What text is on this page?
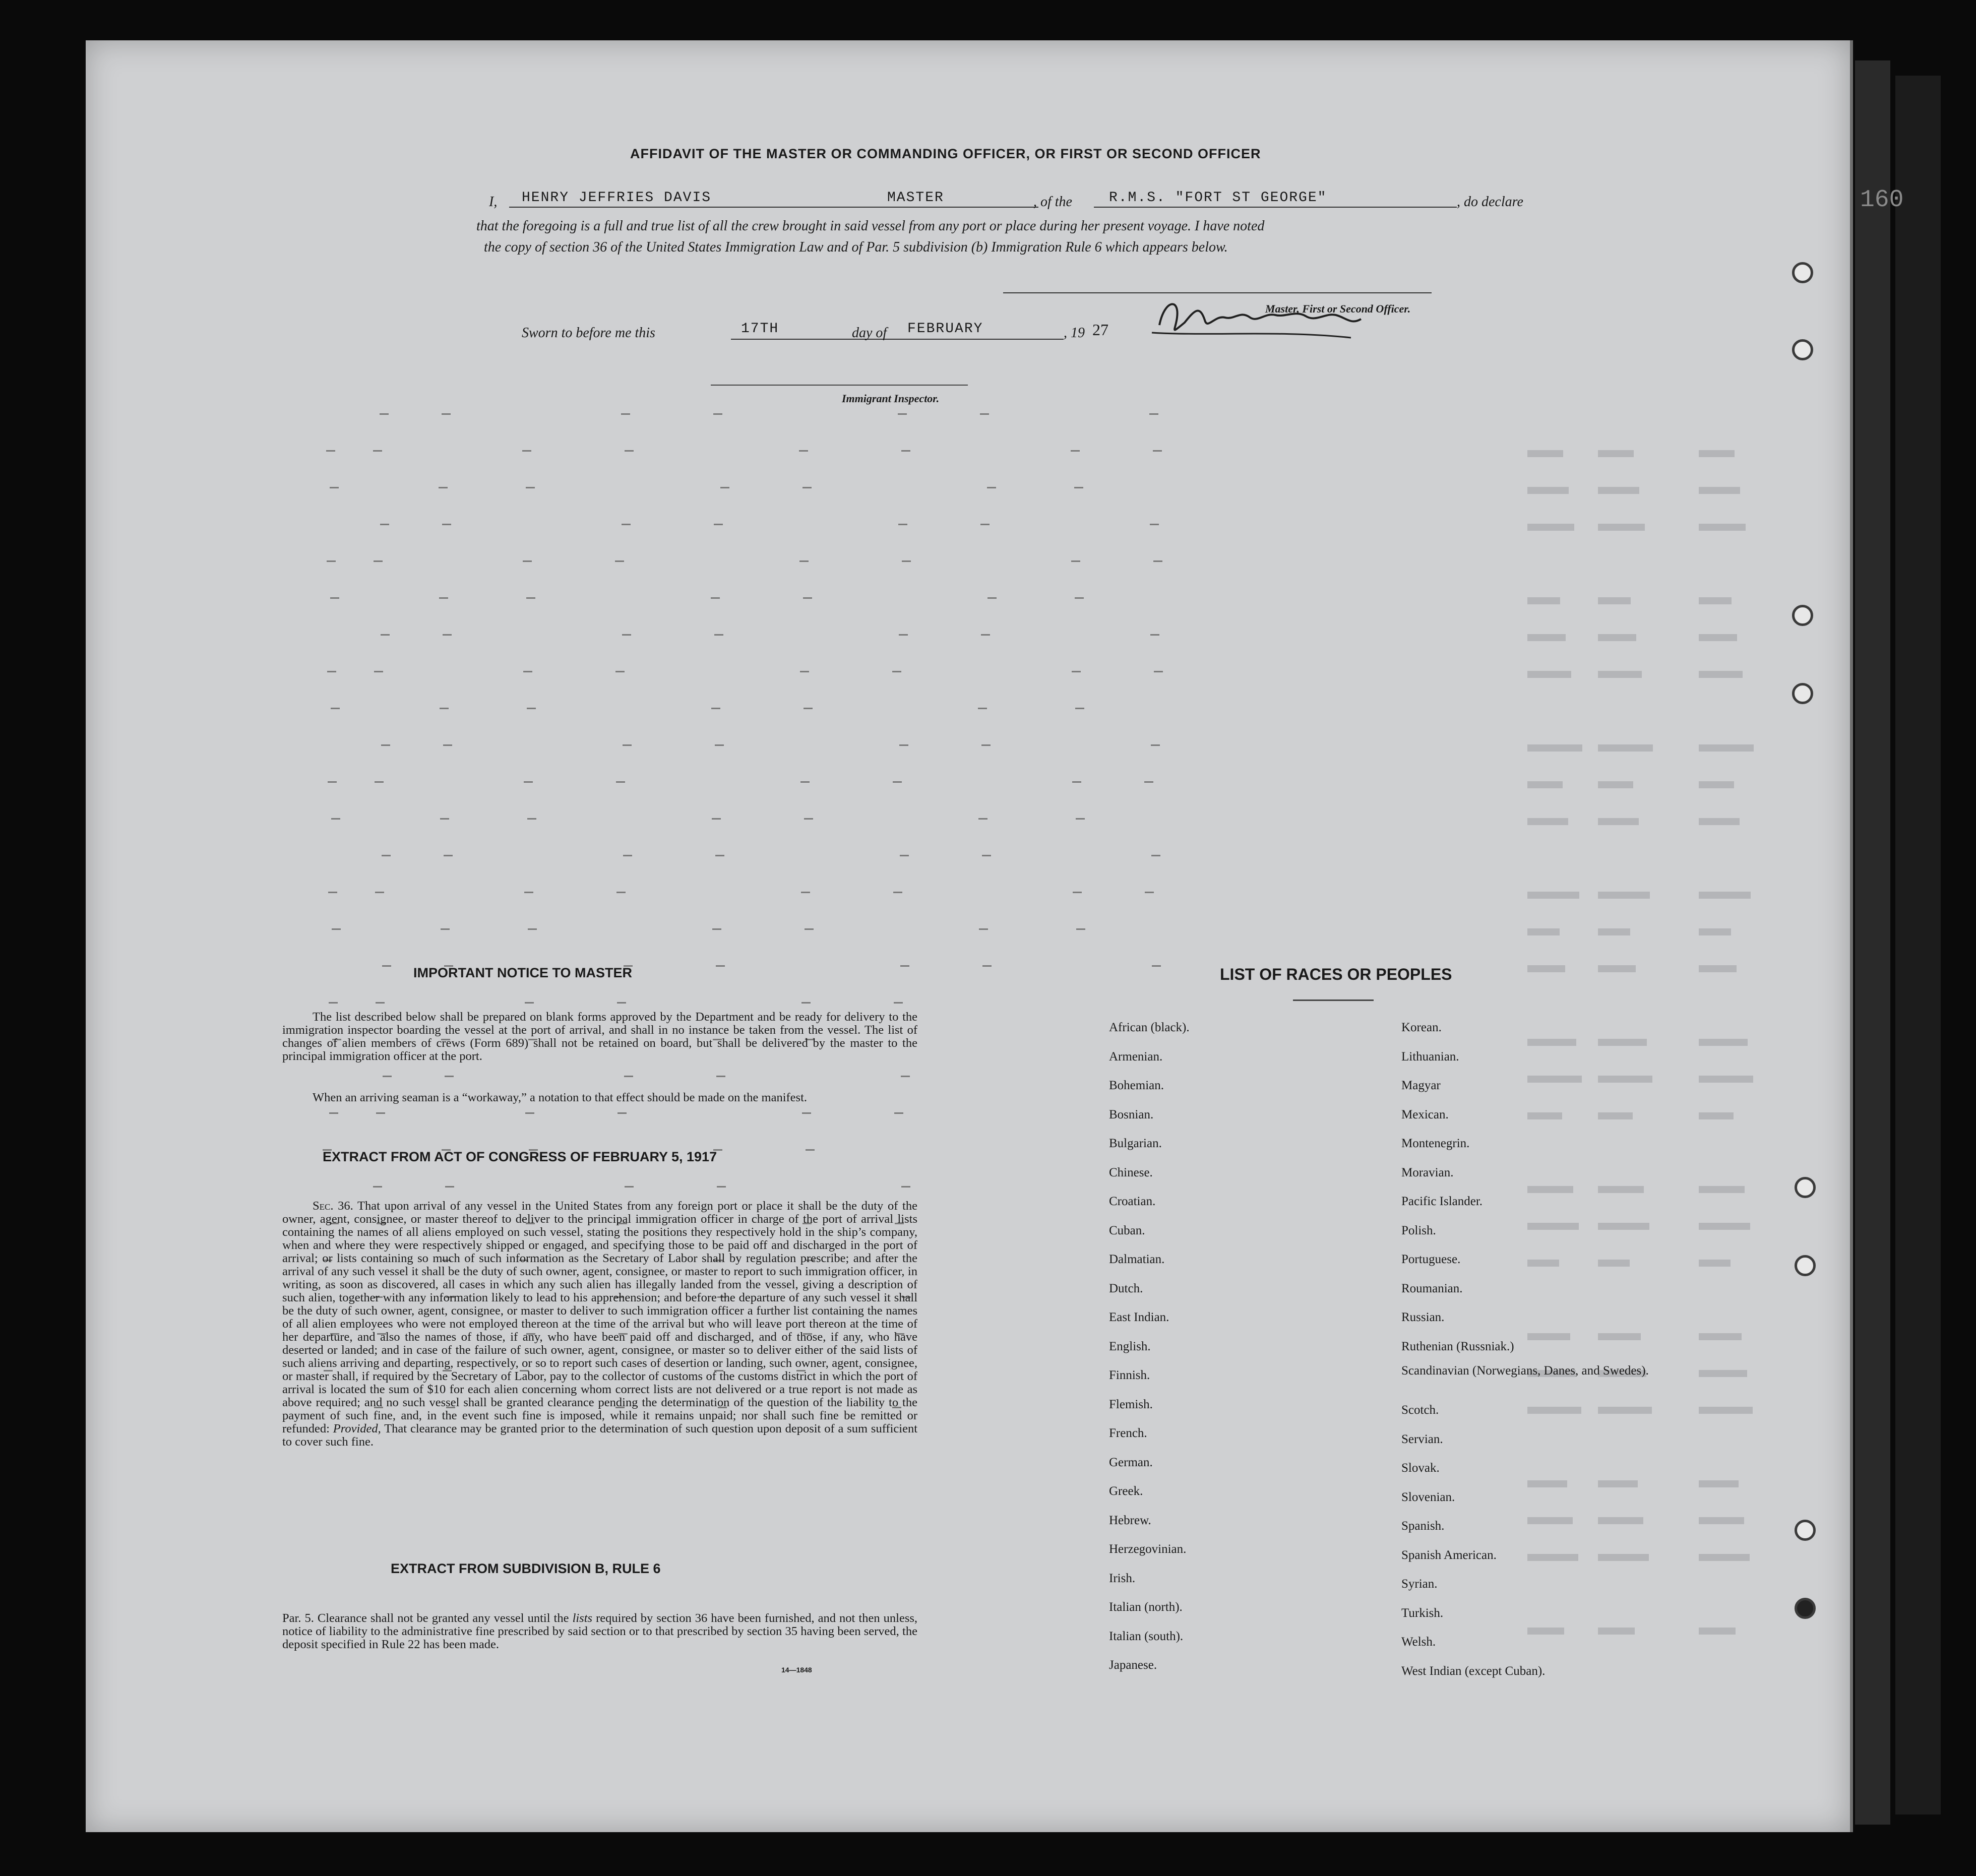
160
AFFIDAVIT OF THE MASTER OR COMMANDING OFFICER, OR FIRST OR SECOND OFFICER
I, HENRY JEFFRIES DAVIS	MASTER	, of the	R.M.S. "FORT ST GEORGE"	, do declare
that the foregoing is a full and true list of all the crew brought in said vessel from any port or place during her present voyage. I have noted
the copy of section 36 of the United States Immigration Law and of Par. 5 subdivision (b) Immigration Rule 6 which appears below.
Master, First or Second Officer.
Sworn to before me this	17TH	day of FEBRUARY	, 19 27
Immigrant Inspector.
IMPORTANT NOTICE TO MASTER
The list described below shall be prepared on blank forms approved by the Department and be ready for delivery to the immigration inspector boarding the vessel at the port of arrival, and shall in no instance be taken from the vessel. The list of changes of alien members of crews (Form 689) shall not be retained on board, but shall be delivered by the master to the principal immigration officer at the port.
When an arriving seaman is a “workaway,” a notation to that effect should be made on the manifest.
EXTRACT FROM ACT OF CONGRESS OF FEBRUARY 5, 1917
Sec. 36. That upon arrival of any vessel in the United States from any foreign port or place it shall be the duty of the owner, agent, consignee, or master thereof to deliver to the principal immigration officer in charge of the port of arrival lists containing the names of all aliens employed on such vessel, stating the positions they respectively hold in the ship’s company, when and where they were respectively shipped or engaged, and specifying those to be paid off and discharged in the port of arrival; or lists containing so much of such information as the Secretary of Labor shall by regulation prescribe; and after the arrival of any such vessel it shall be the duty of such owner, agent, consignee, or master to report to such immigration officer, in writing, as soon as discovered, all cases in which any such alien has illegally landed from the vessel, giving a description of such alien, together with any information likely to lead to his apprehension; and before the departure of any such vessel it shall be the duty of such owner, agent, consignee, or master to deliver to such immigration officer a further list containing the names of all alien employees who were not employed thereon at the time of the arrival but who will leave port thereon at the time of her departure, and also the names of those, if any, who have been paid off and discharged, and of those, if any, who have deserted or landed; and in case of the failure of such owner, agent, consignee, or master so to deliver either of the said lists of such aliens arriving and departing, respectively, or so to report such cases of desertion or landing, such owner, agent, consignee, or master shall, if required by the Secretary of Labor, pay to the collector of customs of the customs district in which the port of arrival is located the sum of $10 for each alien concerning whom correct lists are not delivered or a true report is not made as above required; and no such vessel shall be granted clearance pending the determination of the question of the liability to the payment of such fine, and, in the event such fine is imposed, while it remains unpaid; nor shall such fine be remitted or refunded: Provided, That clearance may be granted prior to the determination of such question upon deposit of a sum sufficient to cover such fine.
EXTRACT FROM SUBDIVISION B, RULE 6
Par. 5. Clearance shall not be granted any vessel until the lists required by section 36 have been furnished, and not then unless, notice of liability to the administrative fine prescribed by said section or to that prescribed by section 35 having been served, the deposit specified in Rule 22 has been made.
14—1848
LIST OF RACES OR PEOPLES
African (black).
Armenian.
Bohemian.
Bosnian.
Bulgarian.
Chinese.
Croatian.
Cuban.
Dalmatian.
Dutch.
East Indian.
English.
Finnish.
Flemish.
French.
German.
Greek.
Hebrew.
Herzegovinian.
Irish.
Italian (north).
Italian (south).
Japanese.
Korean.
Lithuanian.
Magyar
Mexican.
Montenegrin.
Moravian.
Pacific Islander.
Polish.
Portuguese.
Roumanian.
Russian.
Ruthenian (Russniak.)
Scandinavian (Norwegians, Danes, and Swedes).
Scotch.
Servian.
Slovak.
Slovenian.
Spanish.
Spanish American.
Syrian.
Turkish.
Welsh.
West Indian (except Cuban).
